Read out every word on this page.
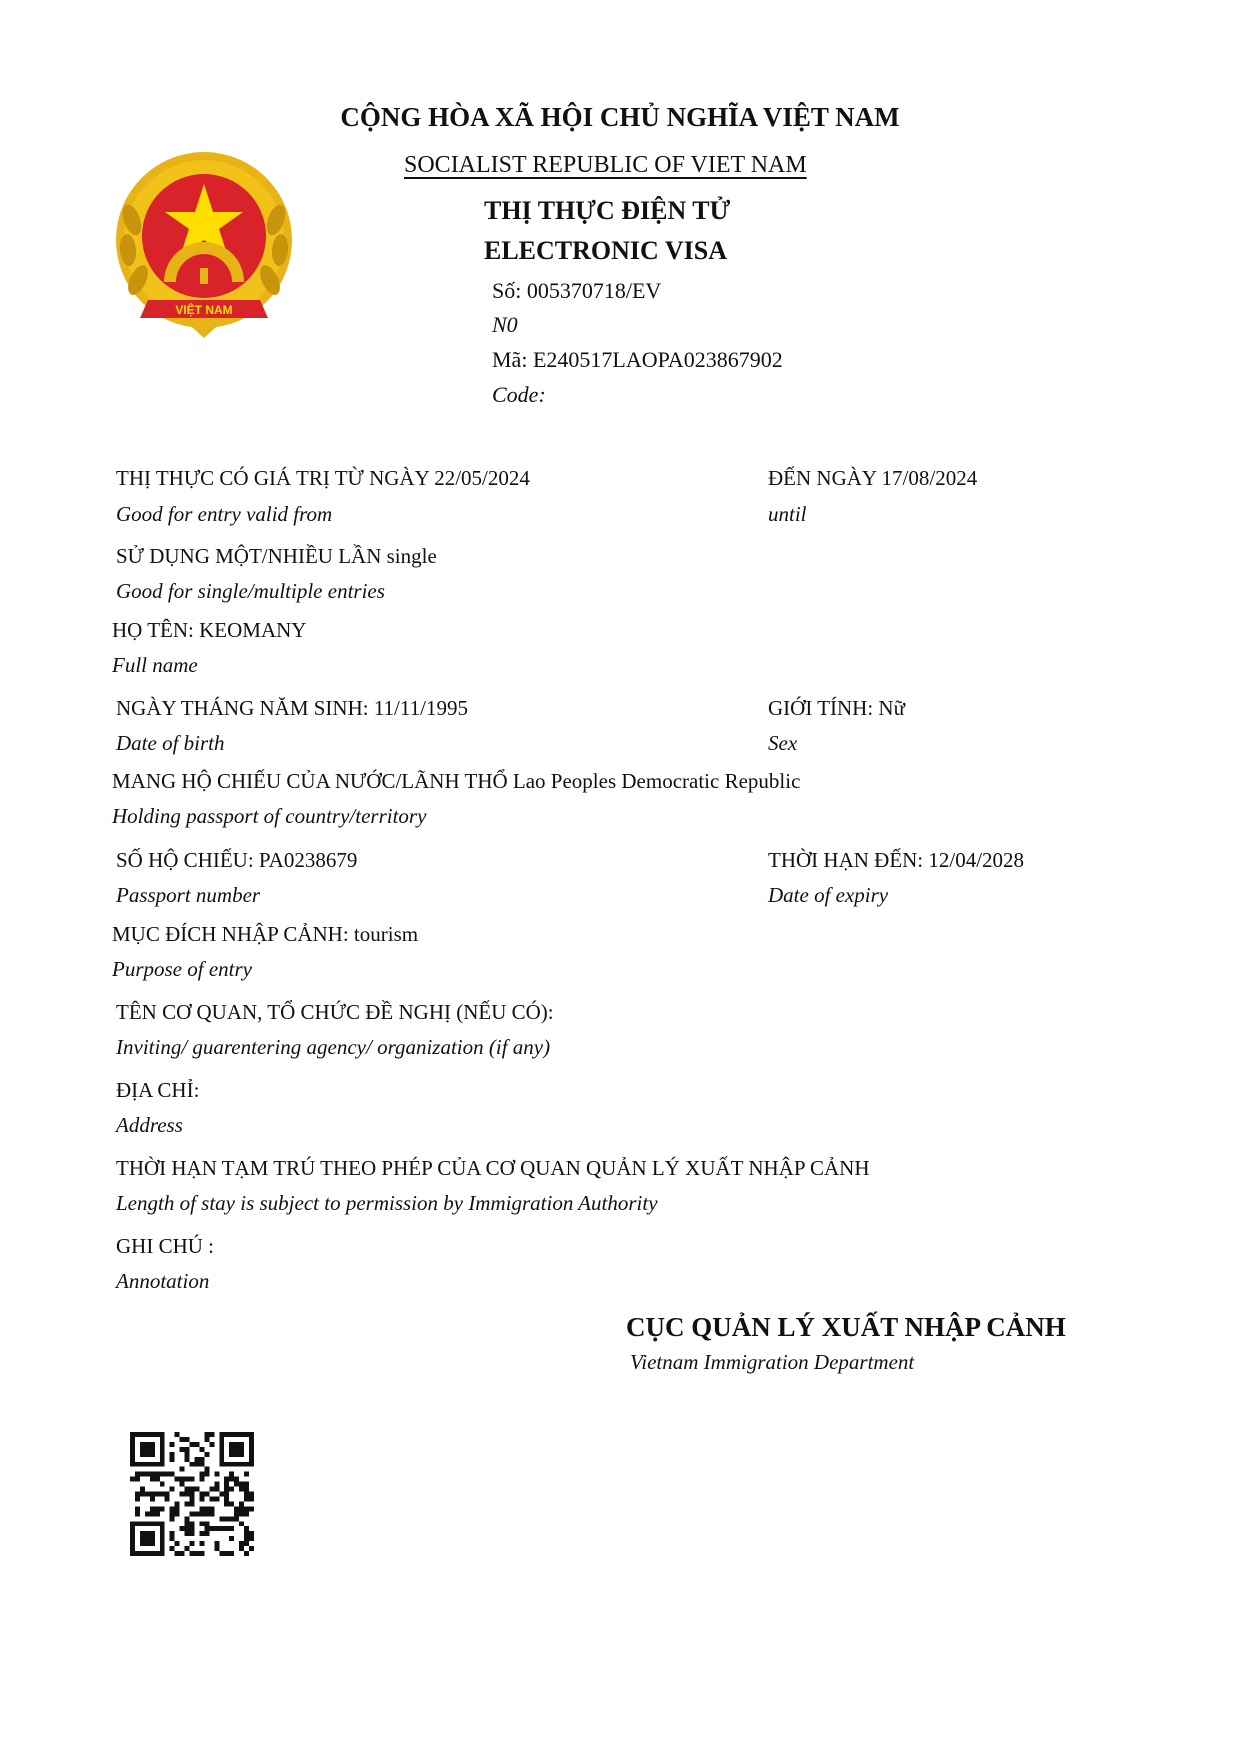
VIỆT NAM
CỘNG HÒA XÃ HỘI CHỦ NGHĨA VIỆT NAM
SOCIALIST REPUBLIC OF VIET NAM
THỊ THỰC ĐIỆN TỬ
ELECTRONIC VISA
Số: 005370718/EV
N0
Mã: E240517LAOPA023867902
Code:
THỊ THỰC CÓ GIÁ TRỊ TỪ NGÀY 22/05/2024
Good for entry valid from
ĐẾN NGÀY 17/08/2024
until
SỬ DỤNG MỘT/NHIỀU LẦN single
Good for single/multiple entries
HỌ TÊN: KEOMANY
Full name
NGÀY THÁNG NĂM SINH: 11/11/1995
Date of birth
GIỚI TÍNH: Nữ
Sex
MANG HỘ CHIẾU CỦA NƯỚC/LÃNH THỔ Lao Peoples Democratic Republic
Holding passport of country/territory
SỐ HỘ CHIẾU: PA0238679
Passport number
THỜI HẠN ĐẾN: 12/04/2028
Date of expiry
MỤC ĐÍCH NHẬP CẢNH: tourism
Purpose of entry
TÊN CƠ QUAN, TỔ CHỨC ĐỀ NGHỊ (NẾU CÓ):
Inviting/ guarentering agency/ organization (if any)
ĐỊA CHỈ:
Address
THỜI HẠN TẠM TRÚ THEO PHÉP CỦA CƠ QUAN QUẢN LÝ XUẤT NHẬP CẢNH
Length of stay is subject to permission by Immigration Authority
GHI CHÚ :
Annotation
CỤC QUẢN LÝ XUẤT NHẬP CẢNH
Vietnam Immigration Department
